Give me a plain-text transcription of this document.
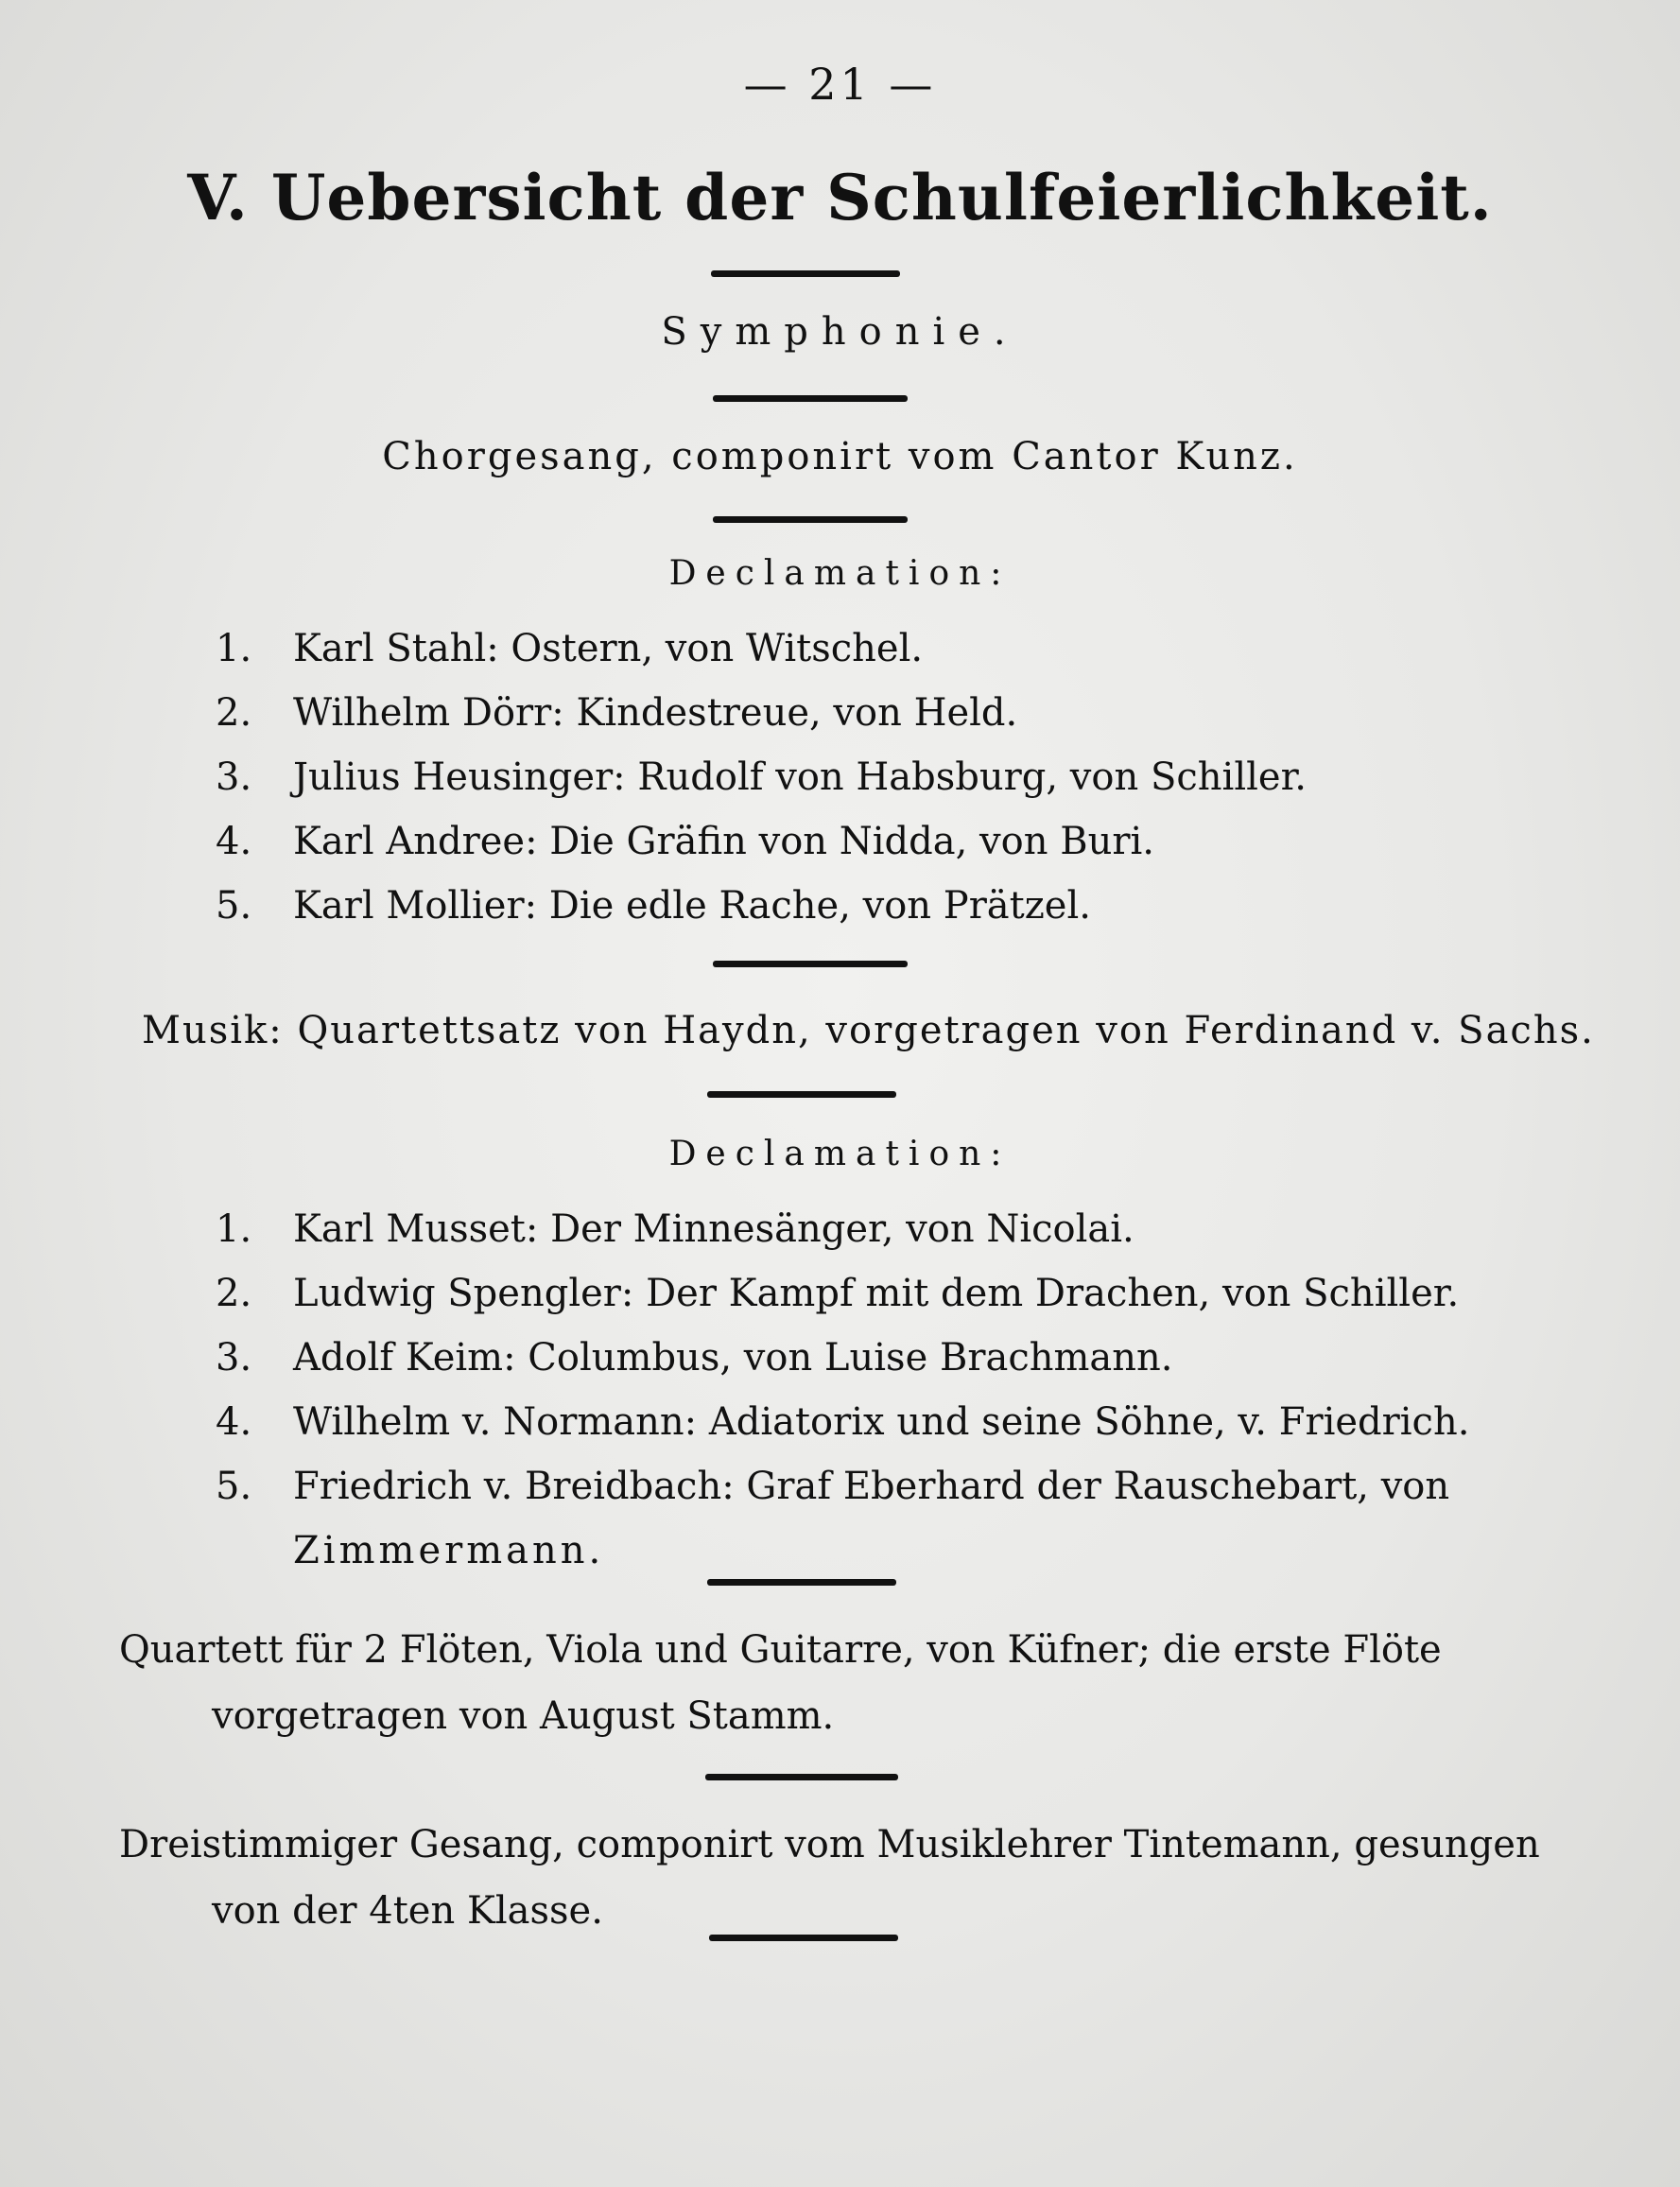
— 21 —
V. Uebersicht der Schulfeierlichkeit.
Symphonie.
Chorgesang, componirt vom Cantor Kunz.
Declamation:
1. Karl Stahl: Ostern, von Witschel.
2. Wilhelm Dörr: Kindestreue, von Held.
3. Julius Heusinger: Rudolf von Habsburg, von Schiller.
4. Karl Andree: Die Gräfin von Nidda, von Buri.
5. Karl Mollier: Die edle Rache, von Prätzel.
Musik: Quartettsatz von Haydn, vorgetragen von Ferdinand v. Sachs.
Declamation:
1. Karl Musset: Der Minnesänger, von Nicolai.
2. Ludwig Spengler: Der Kampf mit dem Drachen, von Schiller.
3. Adolf Keim: Columbus, von Luise Brachmann.
4. Wilhelm v. Normann: Adiatorix und seine Söhne, v. Friedrich.
5. Friedrich v. Breidbach: Graf Eberhard der Rauschebart, von
Zimmermann.
Quartett für 2 Flöten, Viola und Guitarre, von Küfner; die erste Flöte
vorgetragen von August Stamm.
Dreistimmiger Gesang, componirt vom Musiklehrer Tintemann, gesungen
von der 4ten Klasse.
